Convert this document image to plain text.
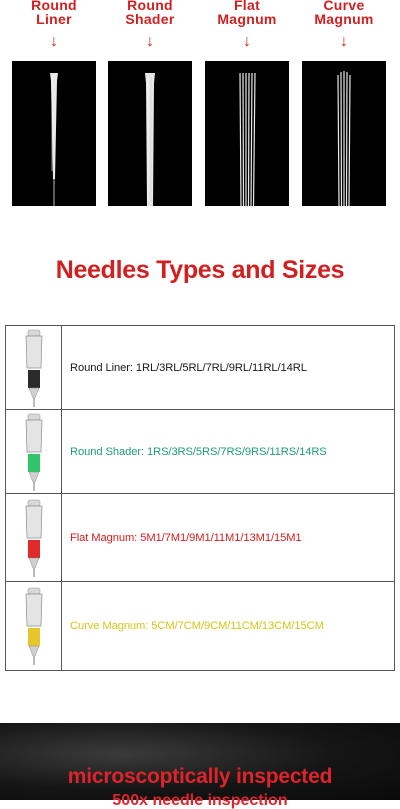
Round
Liner
↓
Round
Shader
↓
Flat
Magnum
↓
Curve
Magnum
↓
Needles Types and Sizes
Round Liner: 1RL/3RL/5RL/7RL/9RL/11RL/14RL
Round Shader: 1RS/3RS/5RS/7RS/9RS/11RS/14RS
Flat Magnum: 5M1/7M1/9M1/11M1/13M1/15M1
Curve Magnum: 5CM/7CM/9CM/11CM/13CM/15CM
microscoptically inspected
500x needle inspection
